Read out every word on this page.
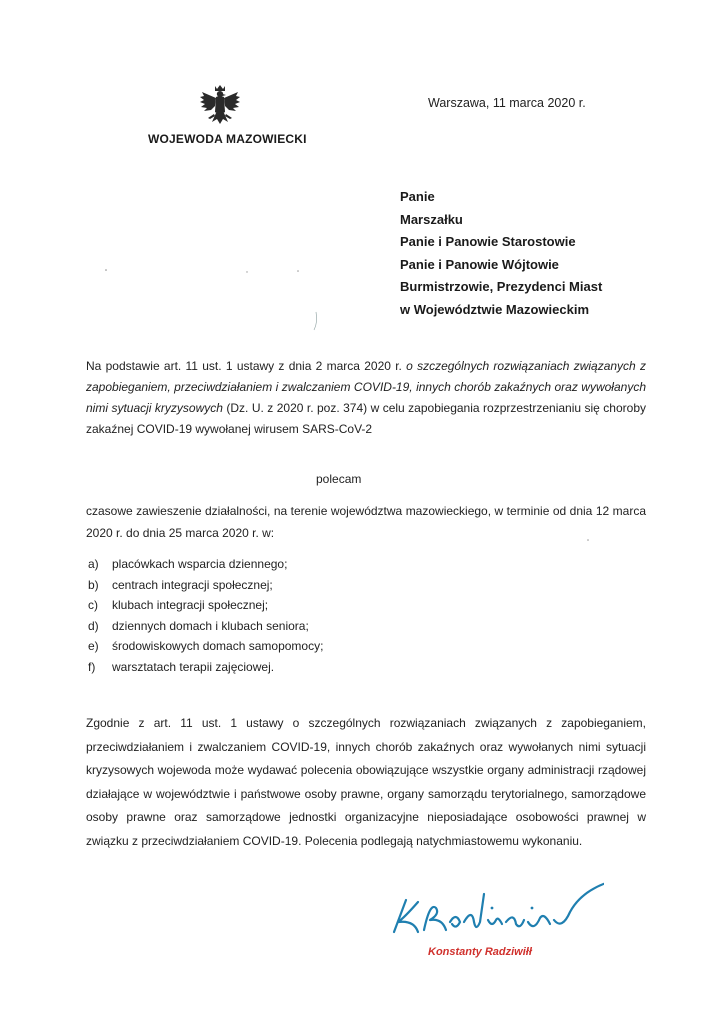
WOJEWODA MAZOWIECKI
Warszawa, 11 marca 2020 r.
Panie
Marszałku
Panie i Panowie Starostowie
Panie i Panowie Wójtowie
Burmistrzowie, Prezydenci Miast
w Województwie Mazowieckim
Na podstawie art. 11 ust. 1 ustawy z dnia 2 marca 2020 r. o szczególnych rozwiązaniach związanych z zapobieganiem, przeciwdziałaniem i zwalczaniem COVID-19, innych chorób zakaźnych oraz wywołanych nimi sytuacji kryzysowych (Dz. U. z 2020 r. poz. 374) w celu zapobiegania rozprzestrzenianiu się choroby zakaźnej COVID-19 wywołanej wirusem SARS-CoV-2
polecam
czasowe zawieszenie działalności, na terenie województwa mazowieckiego, w terminie od dnia 12 marca 2020 r. do dnia 25 marca 2020 r. w:
a)	placówkach wsparcia dziennego;
b)	centrach integracji społecznej;
c)	klubach integracji społecznej;
d)	dziennych domach i klubach seniora;
e)	środowiskowych domach samopomocy;
f)	warsztatach terapii zajęciowej.
Zgodnie z art. 11 ust. 1 ustawy o szczególnych rozwiązaniach związanych z zapobieganiem, przeciwdziałaniem i zwalczaniem COVID-19, innych chorób zakaźnych oraz wywołanych nimi sytuacji kryzysowych wojewoda może wydawać polecenia obowiązujące wszystkie organy administracji rządowej działające w województwie i państwowe osoby prawne, organy samorządu terytorialnego, samorządowe osoby prawne oraz samorządowe jednostki organizacyjne nieposiadające osobowości prawnej w związku z przeciwdziałaniem COVID-19. Polecenia podlegają natychmiastowemu wykonaniu.
Konstanty Radziwiłł
